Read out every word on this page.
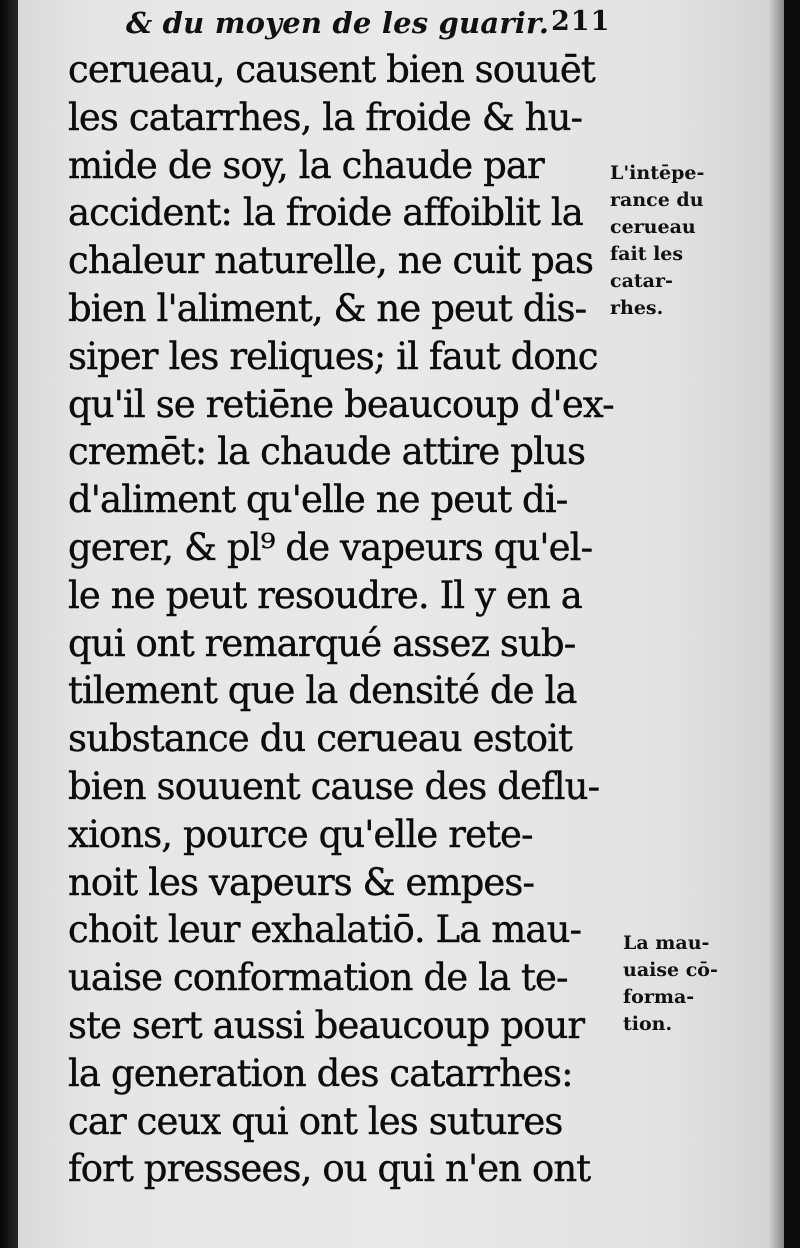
& du moyen de les guarir. 211
cerueau, causent bien souuēt
les catarrhes, la froide & hu-
mide de soy, la chaude par
accident: la froide affoiblit la
chaleur naturelle, ne cuit pas
bien l'aliment, & ne peut dis-
siper les reliques; il faut donc
qu'il se retiēne beaucoup d'ex-
cremēt: la chaude attire plus
d'aliment qu'elle ne peut di-
gerer, & pl⁹ de vapeurs qu'el-
le ne peut resoudre. Il y en a
qui ont remarqué assez sub-
tilement que la densité de la
substance du cerueau estoit
bien souuent cause des deflu-
xions, pource qu'elle rete-
noit les vapeurs & empes-
choit leur exhalatiō. La mau-
uaise conformation de la te-
ste sert aussi beaucoup pour
la generation des catarrhes:
car ceux qui ont les sutures
fort pressees, ou qui n'en ont
L'intēpe-
rance du
cerueau
fait les
catar-
rhes.
La mau-
uaise cō-
forma-
tion.
